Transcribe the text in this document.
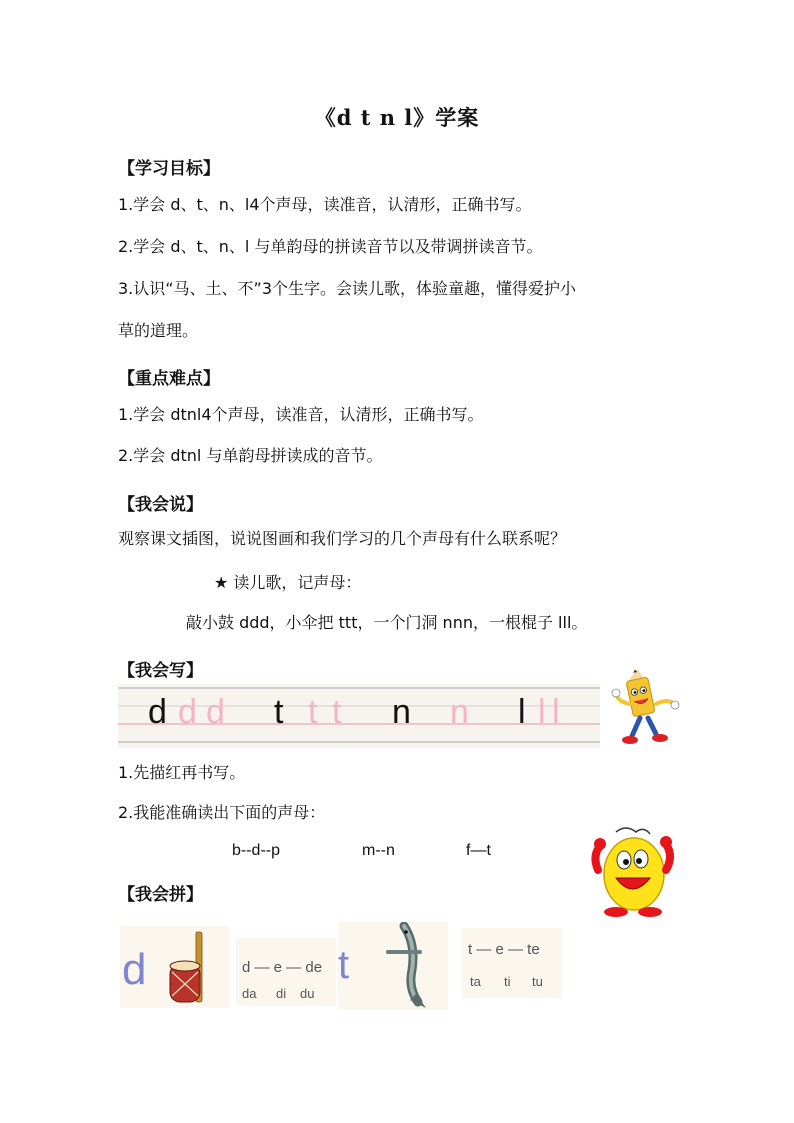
《d t n l》学案
【学习目标】
1.学会 d、t、n、l4个声母，读准音，认清形，正确书写。
2.学会 d、t、n、l 与单韵母的拼读音节以及带调拼读音节。
3.认识“马、土、不”3个生字。会读儿歌，体验童趣，懂得爱护小
草的道理。
【重点难点】
1.学会 dtnl4个声母，读准音，认清形，正确书写。
2.学会 dtnl 与单韵母拼读成的音节。
【我会说】
观察课文插图，说说图画和我们学习的几个声母有什么联系呢？
★ 读儿歌，记声母：
敲小鼓 ddd，小伞把 ttt，一个门洞 nnn，一根棍子 lll。
【我会写】
d d d t t t n n l l l
1.先描红再书写。
2.我能准确读出下面的声母：
b--d--p	m--n	f—t
【我会拼】
d	d — e — de
da di du
t	t — e — te
ta ti tu
